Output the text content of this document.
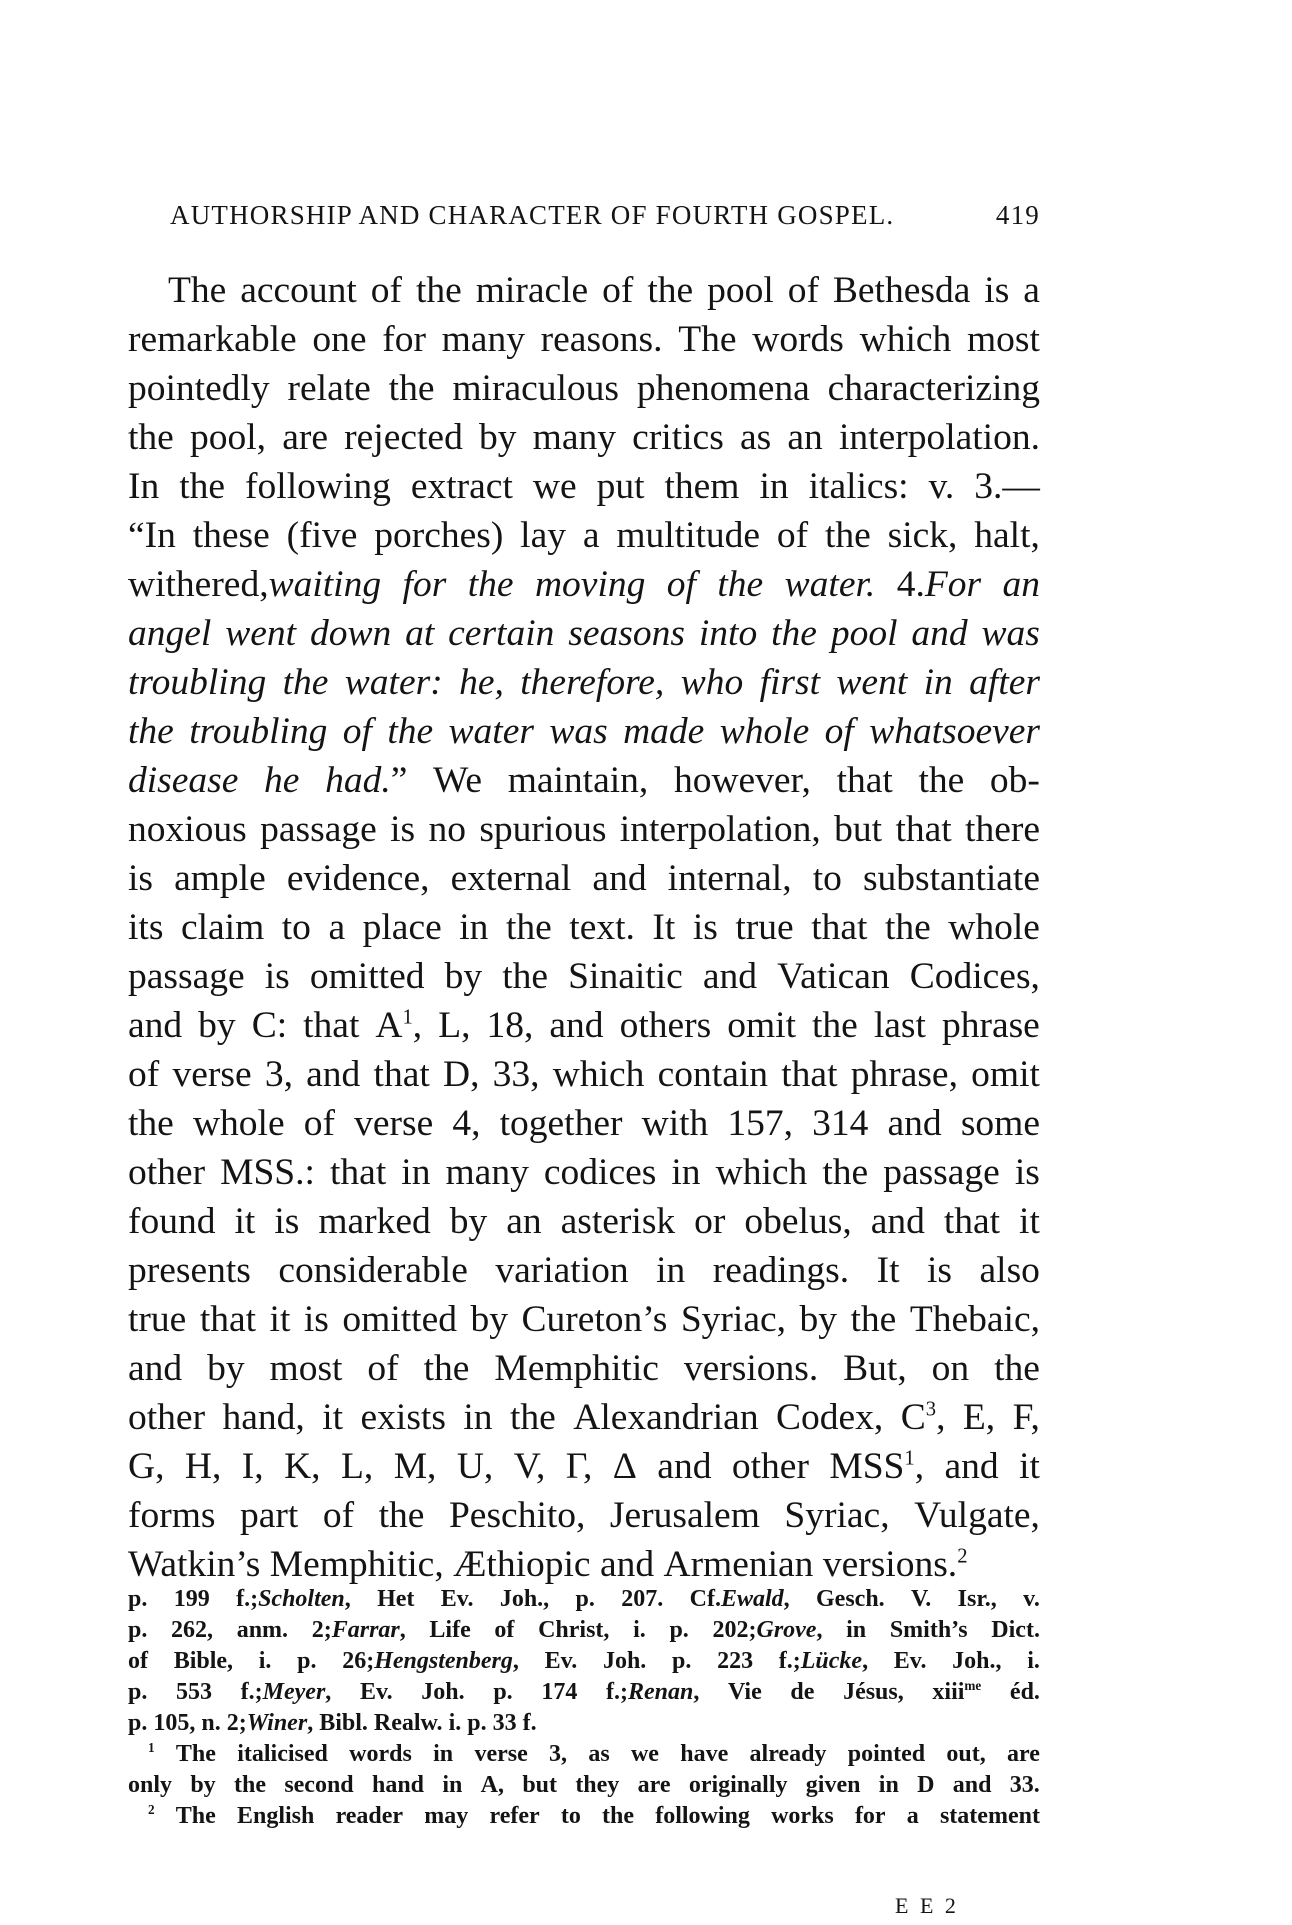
AUTHORSHIP AND CHARACTER OF FOURTH GOSPEL.	419
The account of the miracle of the pool of Bethesda is a
remarkable one for many reasons. The words which most
pointedly relate the miraculous phenomena characterizing
the pool, are rejected by many critics as an interpolation.
In the following extract we put them in italics: v. 3.—
“In these (five porches) lay a multitude of the sick, halt,
withered,waiting for the moving of the water. 4.For an
angel went down at certain seasons into the pool and was
troubling the water: he, therefore, who first went in after
the troubling of the water was made whole of whatsoever
disease he had.” We maintain, however, that the ob-
noxious passage is no spurious interpolation, but that there
is ample evidence, external and internal, to substantiate
its claim to a place in the text. It is true that the whole
passage is omitted by the Sinaitic and Vatican Codices,
and by C: that $A^1$, L, 18, and others omit the last phrase
of verse 3, and that D, 33, which contain that phrase, omit
the whole of verse 4, together with 157, 314 and some
other MSS.: that in many codices in which the passage is
found it is marked by an asterisk or obelus, and that it
presents considerable variation in readings. It is also
true that it is omitted by Cureton’s Syriac, by the Thebaic,
and by most of the Memphitic versions. But, on the
other hand, it exists in the Alexandrian Codex, $C^3$, E, F,
G, H, I, K, L, M, U, V, Γ, Δ and other MSS$^1$, and it
forms part of the Peschito, Jerusalem Syriac, Vulgate,
Watkin’s
Memphitic,
Æthiopic
and
Armenian
versions.$^2$
p. 199 f.;Scholten, Het Ev. Joh., p. 207. Cf.Ewald, Gesch. V. Isr., v.
p. 262, anm. 2;Farrar, Life of Christ, i. p. 202;Grove, in Smith’s Dict.
of Bible, i. p. 26;Hengstenberg, Ev. Joh. p. 223 f.;Lücke, Ev. Joh., i.
p. 553 f.;Meyer, Ev. Joh. p. 174 f.;Renan, Vie de Jésus, xiii$^{me}$ éd.
p.
105,
n.
2;Winer,
Bibl.
Realw.
i.
p.
33
f.
$^1$ The italicised words in verse 3, as we have already pointed out, are
only by the second hand in A, but they are originally given in D and 33.
$^2$ The English reader may refer to the following works for a statement
E E 2
